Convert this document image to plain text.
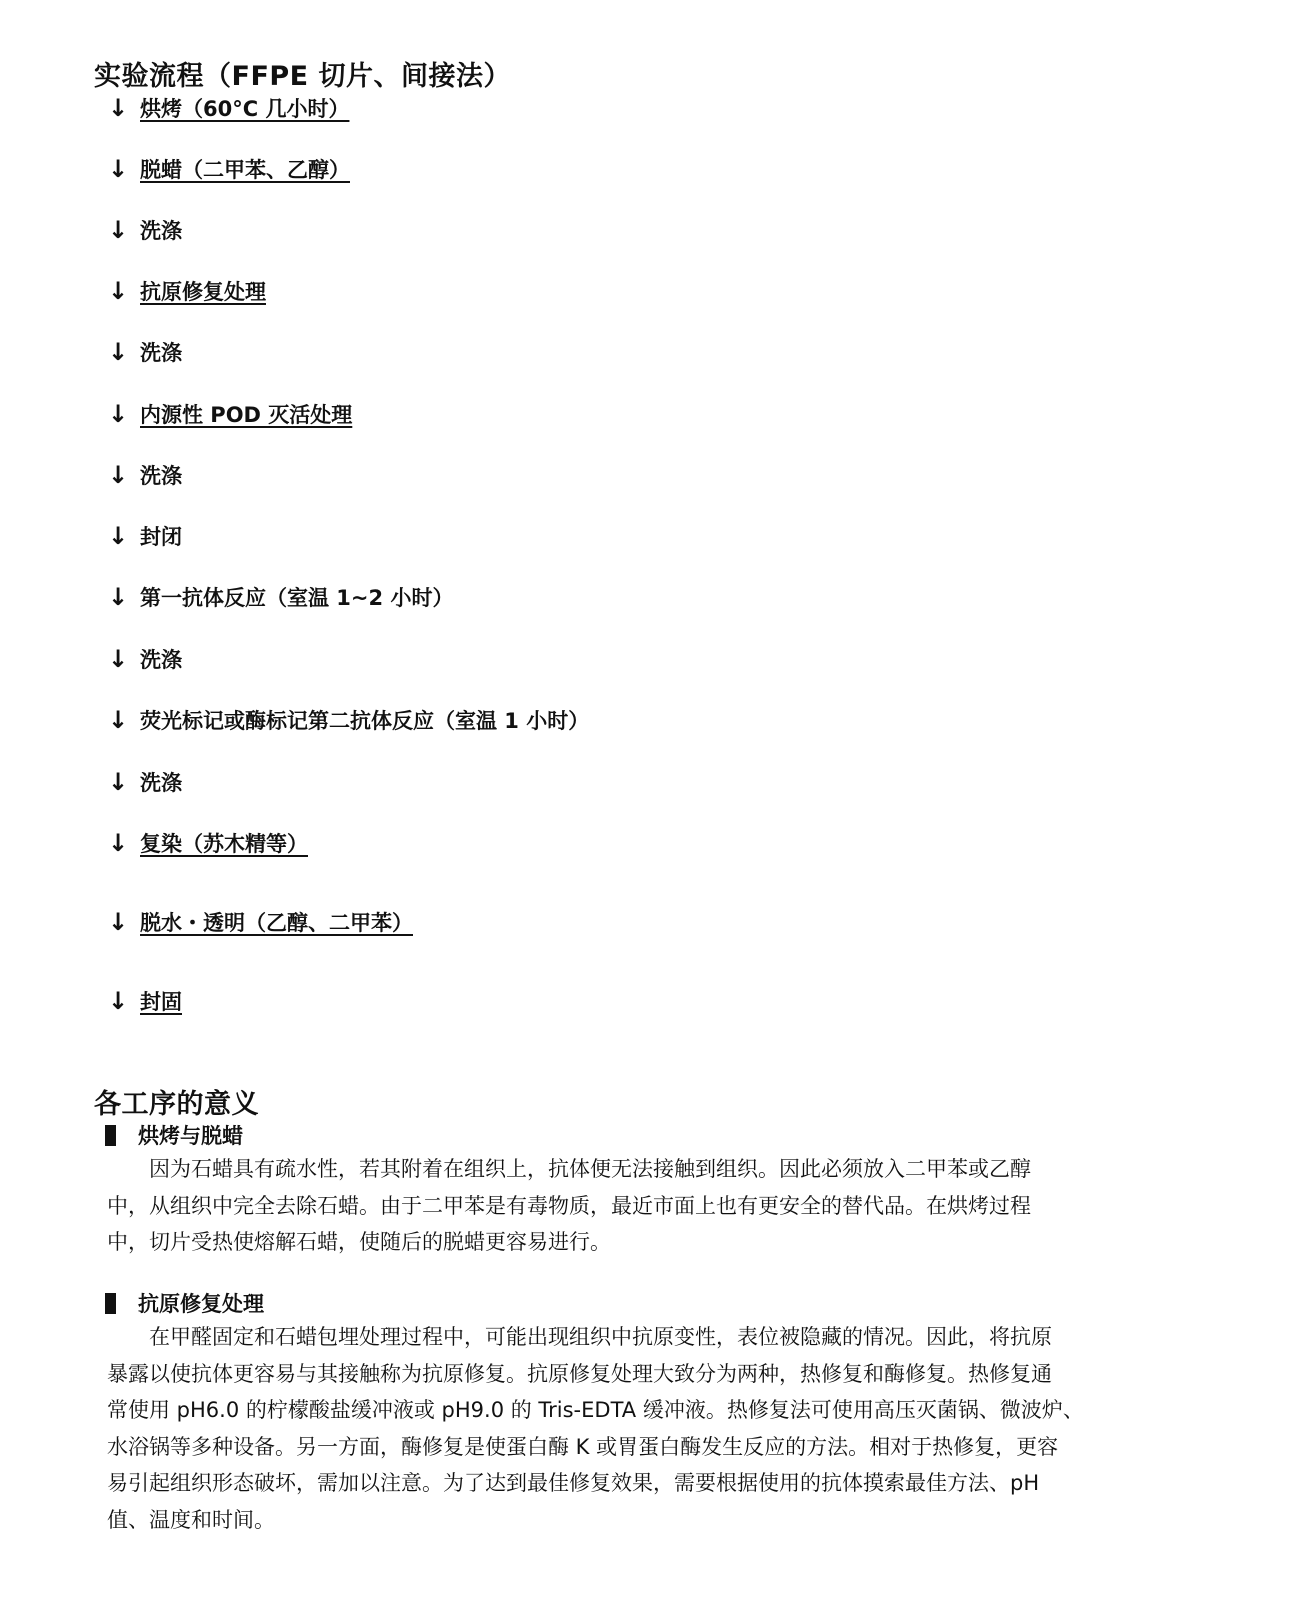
实验流程（FFPE 切片、间接法）
↓ 烘烤（60°C 几小时）
↓ 脱蜡（二甲苯、乙醇）
↓ 洗涤
↓ 抗原修复处理
↓ 洗涤
↓ 内源性 POD 灭活处理
↓ 洗涤
↓ 封闭
↓ 第一抗体反应（室温 1~2 小时）
↓ 洗涤
↓ 荧光标记或酶标记第二抗体反应（室温 1 小时）
↓ 洗涤
↓ 复染（苏木精等）
↓ 脱水・透明（乙醇、二甲苯）
↓ 封固
各工序的意义
烘烤与脱蜡
　　因为石蜡具有疏水性，若其附着在组织上，抗体便无法接触到组织。因此必须放入二甲苯或乙醇
中，从组织中完全去除石蜡。由于二甲苯是有毒物质，最近市面上也有更安全的替代品。在烘烤过程
中，切片受热使熔解石蜡，使随后的脱蜡更容易进行。
抗原修复处理
　　在甲醛固定和石蜡包埋处理过程中，可能出现组织中抗原变性，表位被隐藏的情况。因此，将抗原
暴露以使抗体更容易与其接触称为抗原修复。抗原修复处理大致分为两种，热修复和酶修复。热修复通
常使用 pH6.0 的柠檬酸盐缓冲液或 pH9.0 的 Tris-EDTA 缓冲液。热修复法可使用高压灭菌锅、微波炉、
水浴锅等多种设备。另一方面，酶修复是使蛋白酶 K 或胃蛋白酶发生反应的方法。相对于热修复，更容
易引起组织形态破坏，需加以注意。为了达到最佳修复效果，需要根据使用的抗体摸索最佳方法、pH
值、温度和时间。
